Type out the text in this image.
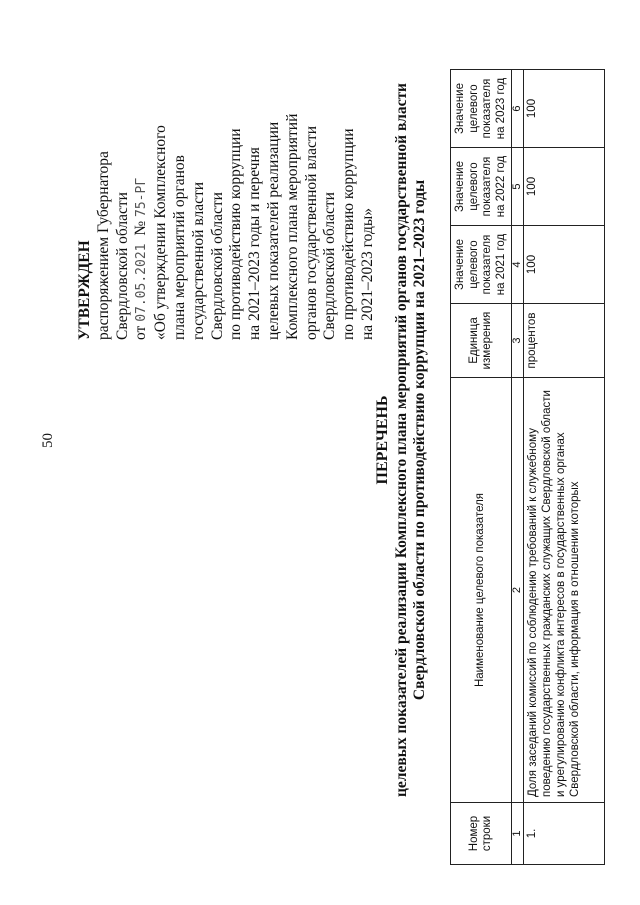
50
УТВЕРЖДЕН распоряжением Губернатора Свердловской области от 07.05.2021 № 75-РГ «Об утверждении Комплексного плана мероприятий органов государственной власти Свердловской области по противодействию коррупции на 2021–2023 годы и перечня целевых показателей реализации Комплексного плана мероприятий органов государственной власти Свердловской области по противодействию коррупции на 2021–2023 годы»
ПЕРЕЧЕНЬ целевых показателей реализации Комплексного плана мероприятий органов государственной власти Свердловской области по противодействию коррупции на 2021–2023 годы
Номер строки	Наименование целевого показателя	Единица измерения	Значение целевого показателя на 2021 год	Значение целевого показателя на 2022 год	Значение целевого показателя на 2023 год
1	2	3	4	5	6
1.	Доля заседаний комиссий по соблюдению требований к служебному поведению государственных гражданских служащих Свердловской области и урегулированию конфликта интересов в государственных органах Свердловской области, информация в отношении которых	процентов	100	100	100
